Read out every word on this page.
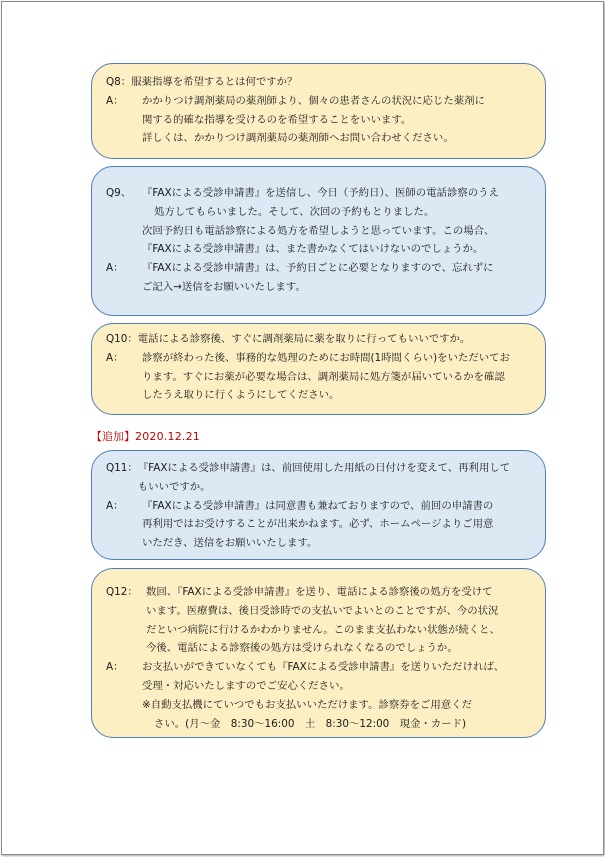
Q8： 服薬指導を希望するとは何ですか？
A：	かかりつけ調剤薬局の薬剤師より、個々の患者さんの状況に応じた薬剤に
関する的確な指導を受けるのを希望することをいいます。
詳しくは、かかりつけ調剤薬局の薬剤師へお問い合わせください。
Q9、	『FAXによる受診申請書』を送信し、今日（予約日）、医師の電話診察のうえ
処方してもらいました。そして、次回の予約もとりました。
次回予約日も電話診察による処方を希望しようと思っています。この場合、
『FAXによる受診申請書』は、また書かなくてはいけないのでしょうか。
A：	『FAXによる受診申請書』は、予約日ごとに必要となりますので、忘れずに
ご記入→送信をお願いいたします。
Q10： 電話による診察後、すぐに調剤薬局に薬を取りに行ってもいいですか。
A：	診察が終わった後、事務的な処理のためにお時間(1時間くらい)をいただいてお
ります。すぐにお薬が必要な場合は、調剤薬局に処方箋が届いているかを確認
したうえ取りに行くようにしてください。
【追加】2020.12.21
Q11： 『FAXによる受診申請書』は、前回使用した用紙の日付けを変えて、再利用して
もいいですか。
A：	『FAXによる受診申請書』は同意書も兼ねておりますので、前回の申請書の
再利用ではお受けすることが出来かねます。必ず、ホームページよりご用意
いただき、送信をお願いいたします。
Q12： 数回、『FAXによる受診申請書』を送り、電話による診察後の処方を受けて
います。医療費は、後日受診時での支払いでよいとのことですが、今の状況
だといつ病院に行けるかわかりません。このまま支払わない状態が続くと、
今後、電話による診察後の処方は受けられなくなるのでしょうか。
A：	お支払いができていなくても『FAXによる受診申請書』を送りいただければ、
受理・対応いたしますのでご安心ください。
※自動支払機にていつでもお支払いいただけます。診察券をご用意くだ
さい。(月～金　8:30～16:00　土　8:30～12:00　現金・カード)
